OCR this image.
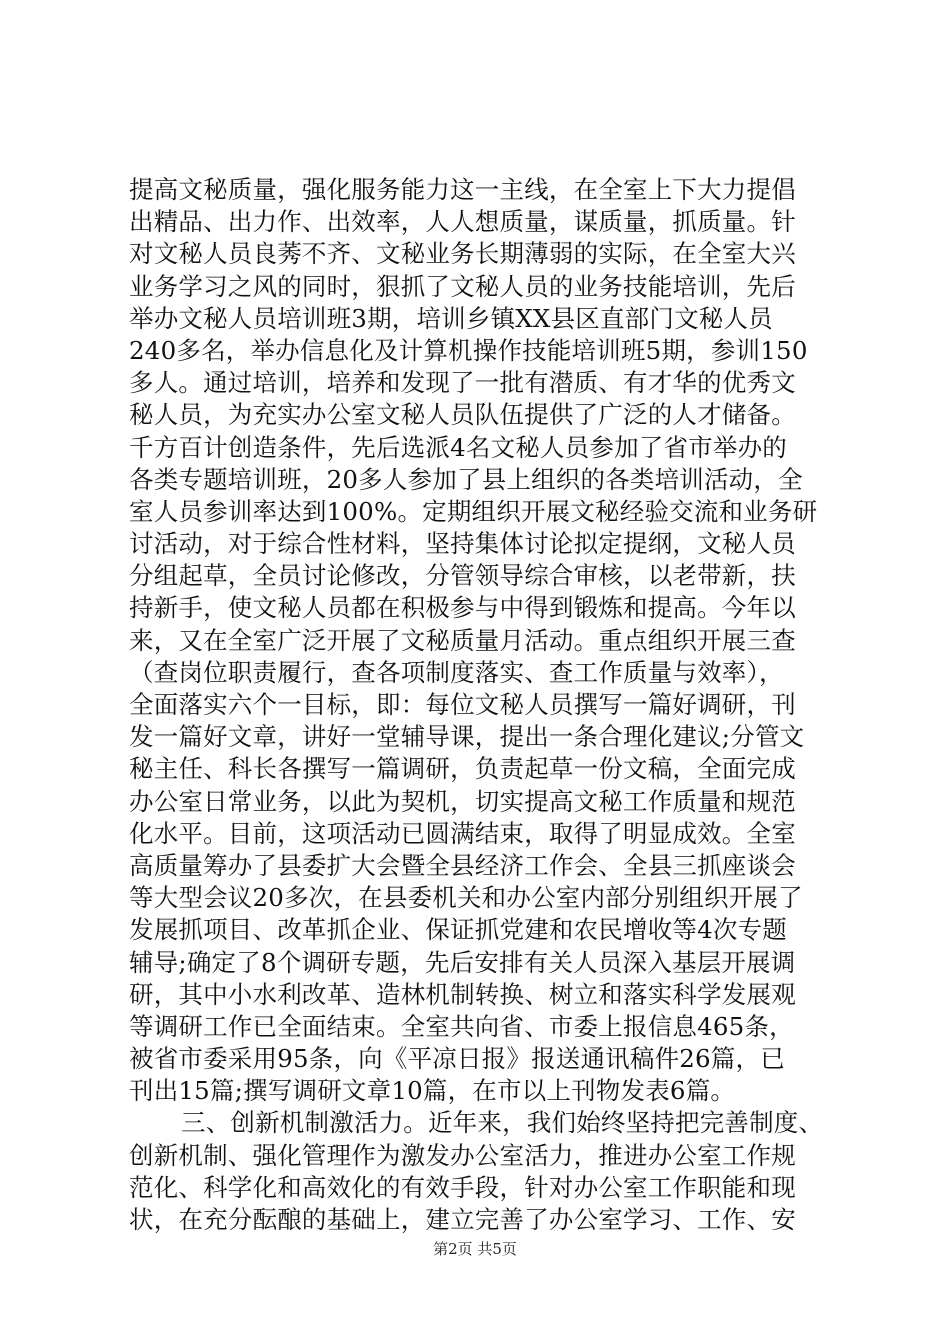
提高文秘质量，强化服务能力这一主线，在全室上下大力提倡
出精品、出力作、出效率，人人想质量，谋质量，抓质量。针
对文秘人员良莠不齐、文秘业务长期薄弱的实际，在全室大兴
业务学习之风的同时，狠抓了文秘人员的业务技能培训，先后
举办文秘人员培训班3期，培训乡镇XX县区直部门文秘人员
240多名，举办信息化及计算机操作技能培训班5期，参训150
多人。通过培训，培养和发现了一批有潜质、有才华的优秀文
秘人员，为充实办公室文秘人员队伍提供了广泛的人才储备。
千方百计创造条件，先后选派4名文秘人员参加了省市举办的
各类专题培训班，20多人参加了县上组织的各类培训活动，全
室人员参训率达到100%。定期组织开展文秘经验交流和业务研
讨活动，对于综合性材料，坚持集体讨论拟定提纲，文秘人员
分组起草，全员讨论修改，分管领导综合审核，以老带新，扶
持新手，使文秘人员都在积极参与中得到锻炼和提高。今年以
来，又在全室广泛开展了文秘质量月活动。重点组织开展三查
（查岗位职责履行，查各项制度落实、查工作质量与效率），
全面落实六个一目标，即：每位文秘人员撰写一篇好调研，刊
发一篇好文章，讲好一堂辅导课，提出一条合理化建议;分管文
秘主任、科长各撰写一篇调研，负责起草一份文稿，全面完成
办公室日常业务，以此为契机，切实提高文秘工作质量和规范
化水平。目前，这项活动已圆满结束，取得了明显成效。全室
高质量筹办了县委扩大会暨全县经济工作会、全县三抓座谈会
等大型会议20多次，在县委机关和办公室内部分别组织开展了
发展抓项目、改革抓企业、保证抓党建和农民增收等4次专题
辅导;确定了8个调研专题，先后安排有关人员深入基层开展调
研，其中小水利改革、造林机制转换、树立和落实科学发展观
等调研工作已全面结束。全室共向省、市委上报信息465条，
被省市委采用95条，向《平凉日报》报送通讯稿件26篇，已
刊出15篇;撰写调研文章10篇，在市以上刊物发表6篇。
三、创新机制激活力。近年来，我们始终坚持把完善制度、
创新机制、强化管理作为激发办公室活力，推进办公室工作规
范化、科学化和高效化的有效手段，针对办公室工作职能和现
状，在充分酝酿的基础上，建立完善了办公室学习、工作、安
第2页 共5页
